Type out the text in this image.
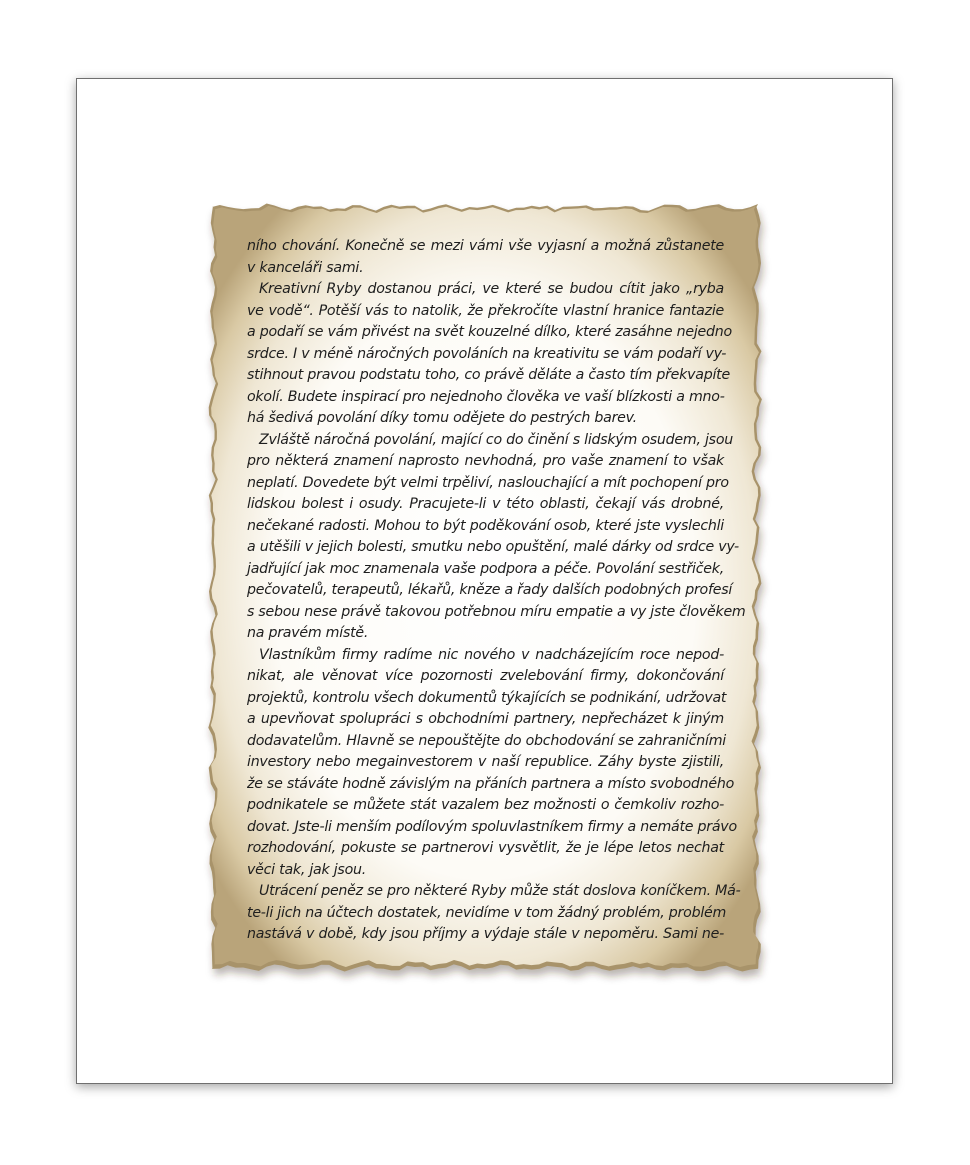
ního chování. Konečně se mezi vámi vše vyjasní a možná zůstanete
v kanceláři sami.
Kreativní Ryby dostanou práci, ve které se budou cítit jako „ryba
ve vodě“. Potěší vás to natolik, že překročíte vlastní hranice fantazie
a podaří se vám přivést na svět kouzelné dílko, které zasáhne nejedno
srdce. I v méně náročných povoláních na kreativitu se vám podaří vy-
stihnout pravou podstatu toho, co právě děláte a často tím překvapíte
okolí. Budete inspirací pro nejednoho člověka ve vaší blízkosti a mno-
há šedivá povolání díky tomu oděјete do pestrých barev.
Zvláště náročná povolání, mající co do činění s lidským osudem, jsou
pro některá znamení naprosto nevhodná, pro vaše znamení to však
neplatí. Dovedete být velmi trpěliví, naslouchající a mít pochopení pro
lidskou bolest i osudy. Pracujete-li v této oblasti, čekají vás drobné,
nečekané radosti. Mohou to být poděkování osob, které jste vyslechli
a utěšili v jejich bolesti, smutku nebo opuštění, malé dárky od srdce vy-
jadřující jak moc znamenala vaše podpora a péče. Povolání sestřiček,
pečovatelů, terapeutů, lékařů, kněze a řady dalších podobných profesí
s sebou nese právě takovou potřebnou míru empatie a vy jste člověkem
na pravém místě.
Vlastníkům firmy radíme nic nového v nadcházejícím roce nepod-
nikat, ale věnovat více pozornosti zvelebování firmy, dokončování
projektů, kontrolu všech dokumentů týkajících se podnikání, udržovat
a upevňovat spolupráci s obchodními partnery, nepřecházet k jiným
dodavatelům. Hlavně se nepouštějte do obchodování se zahraničními
investory nebo megainvestorem v naší republice. Záhy byste zjistili,
že se stáváte hodně závislým na přáních partnera a místo svobodného
podnikatele se můžete stát vazalem bez možnosti o čemkoliv rozho-
dovat. Jste-li menším podílovým spoluvlastníkem firmy a nemáte právo
rozhodování, pokuste se partnerovi vysvětlit, že je lépe letos nechat
věci tak, jak jsou.
Utrácení peněz se pro některé Ryby může stát doslova koníčkem. Má-
te-li jich na účtech dostatek, nevidíme v tom žádný problém, problém
nastává v době, kdy jsou příjmy a výdaje stále v nepoměru. Sami ne-
